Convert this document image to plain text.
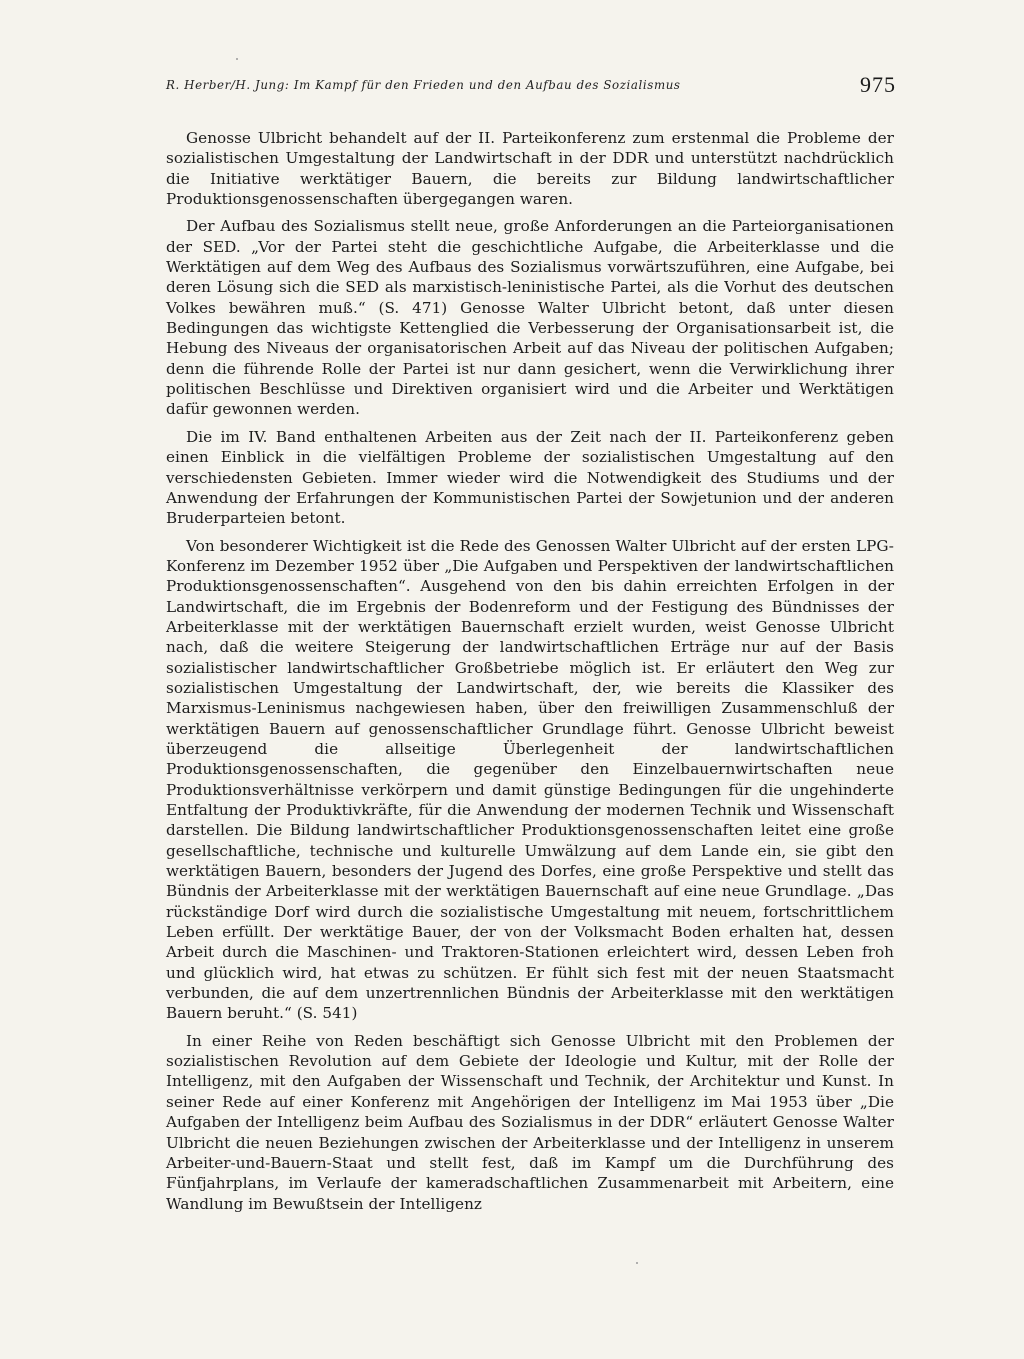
R. Herber/H. Jung: Im Kampf für den Frieden und den Aufbau des Sozialismus	975

Genosse Ulbricht behandelt auf der II. Parteikonferenz zum erstenmal die Probleme der sozialistischen Umgestaltung der Landwirtschaft in der DDR und unterstützt nachdrücklich die Initiative werktätiger Bauern, die bereits zur Bildung landwirtschaftlicher Produktionsgenossenschaften übergegangen waren.

Der Aufbau des Sozialismus stellt neue, große Anforderungen an die Parteiorganisationen der SED. „Vor der Partei steht die geschichtliche Aufgabe, die Arbeiterklasse und die Werktätigen auf dem Weg des Aufbaus des Sozialismus vorwärtszuführen, eine Aufgabe, bei deren Lösung sich die SED als marxistisch-leninistische Partei, als die Vorhut des deutschen Volkes bewähren muß.“ (S. 471) Genosse Walter Ulbricht betont, daß unter diesen Bedingungen das wichtigste Kettenglied die Verbesserung der Organisationsarbeit ist, die Hebung des Niveaus der organisatorischen Arbeit auf das Niveau der politischen Aufgaben; denn die führende Rolle der Partei ist nur dann gesichert, wenn die Verwirklichung ihrer politischen Beschlüsse und Direktiven organisiert wird und die Arbeiter und Werktätigen dafür gewonnen werden.

Die im IV. Band enthaltenen Arbeiten aus der Zeit nach der II. Parteikonferenz geben einen Einblick in die vielfältigen Probleme der sozialistischen Umgestaltung auf den verschiedensten Gebieten. Immer wieder wird die Notwendigkeit des Studiums und der Anwendung der Erfahrungen der Kommunistischen Partei der Sowjetunion und der anderen Bruderparteien betont.

Von besonderer Wichtigkeit ist die Rede des Genossen Walter Ulbricht auf der ersten LPG-Konferenz im Dezember 1952 über „Die Aufgaben und Perspektiven der landwirtschaftlichen Produktionsgenossenschaften“. Ausgehend von den bis dahin erreichten Erfolgen in der Landwirtschaft, die im Ergebnis der Bodenreform und der Festigung des Bündnisses der Arbeiterklasse mit der werktätigen Bauernschaft erzielt wurden, weist Genosse Ulbricht nach, daß die weitere Steigerung der landwirtschaftlichen Erträge nur auf der Basis sozialistischer landwirtschaftlicher Großbetriebe möglich ist. Er erläutert den Weg zur sozialistischen Umgestaltung der Landwirtschaft, der, wie bereits die Klassiker des Marxismus-Leninismus nachgewiesen haben, über den freiwilligen Zusammenschluß der werktätigen Bauern auf genossenschaftlicher Grundlage führt. Genosse Ulbricht beweist überzeugend die allseitige Überlegenheit der landwirtschaftlichen Produktionsgenossenschaften, die gegenüber den Einzelbauernwirtschaften neue Produktionsverhältnisse verkörpern und damit günstige Bedingungen für die ungehinderte Entfaltung der Produktivkräfte, für die Anwendung der modernen Technik und Wissenschaft darstellen. Die Bildung landwirtschaftlicher Produktionsgenossenschaften leitet eine große gesellschaftliche, technische und kulturelle Umwälzung auf dem Lande ein, sie gibt den werktätigen Bauern, besonders der Jugend des Dorfes, eine große Perspektive und stellt das Bündnis der Arbeiterklasse mit der werktätigen Bauernschaft auf eine neue Grundlage. „Das rückständige Dorf wird durch die sozialistische Umgestaltung mit neuem, fortschrittlichem Leben erfüllt. Der werktätige Bauer, der von der Volksmacht Boden erhalten hat, dessen Arbeit durch die Maschinen- und Traktoren-Stationen erleichtert wird, dessen Leben froh und glücklich wird, hat etwas zu schützen. Er fühlt sich fest mit der neuen Staatsmacht verbunden, die auf dem unzertrennlichen Bündnis der Arbeiterklasse mit den werktätigen Bauern beruht.“ (S. 541)

In einer Reihe von Reden beschäftigt sich Genosse Ulbricht mit den Problemen der sozialistischen Revolution auf dem Gebiete der Ideologie und Kultur, mit der Rolle der Intelligenz, mit den Aufgaben der Wissenschaft und Technik, der Architektur und Kunst. In seiner Rede auf einer Konferenz mit Angehörigen der Intelligenz im Mai 1953 über „Die Aufgaben der Intelligenz beim Aufbau des Sozialismus in der DDR“ erläutert Genosse Walter Ulbricht die neuen Beziehungen zwischen der Arbeiterklasse und der Intelligenz in unserem Arbeiter-und-Bauern-Staat und stellt fest, daß im Kampf um die Durchführung des Fünfjahrplans, im Verlaufe der kameradschaftlichen Zusammenarbeit mit Arbeitern, eine Wandlung im Bewußtsein der Intelligenz
